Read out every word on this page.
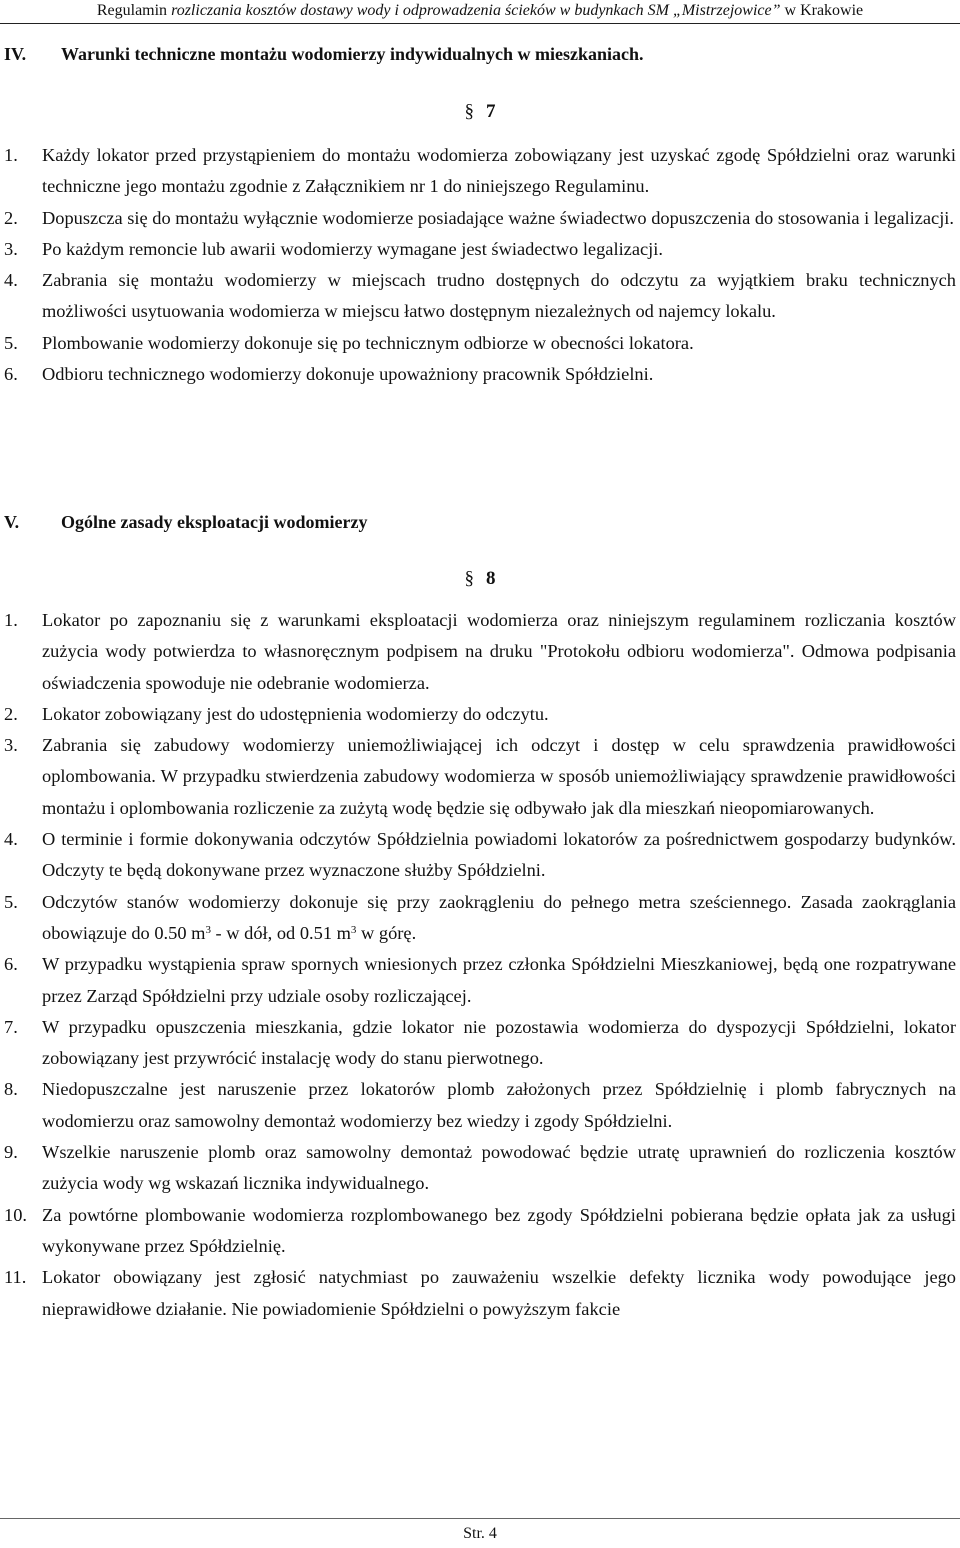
Regulamin rozliczania kosztów dostawy wody i odprowadzenia ścieków w budynkach SM „Mistrzejowice” w Krakowie
IV. Warunki techniczne montażu wodomierzy indywidualnych w mieszkaniach.
§ 7
1. Każdy lokator przed przystąpieniem do montażu wodomierza zobowiązany jest uzyskać zgodę Spółdzielni oraz warunki techniczne jego montażu zgodnie z Załącznikiem nr 1 do niniejszego Regulaminu.
2. Dopuszcza się do montażu wyłącznie wodomierze posiadające ważne świadectwo dopuszczenia do stosowania i legalizacji.
3. Po każdym remoncie lub awarii wodomierzy wymagane jest świadectwo legalizacji.
4. Zabrania się montażu wodomierzy w miejscach trudno dostępnych do odczytu za wyjątkiem braku technicznych możliwości usytuowania wodomierza w miejscu łatwo dostępnym niezależnych od najemcy lokalu.
5. Plombowanie wodomierzy dokonuje się po technicznym odbiorze w obecności lokatora.
6. Odbioru technicznego wodomierzy dokonuje upoważniony pracownik Spółdzielni.
V. Ogólne zasady eksploatacji wodomierzy
§ 8
1. Lokator po zapoznaniu się z warunkami eksploatacji wodomierza oraz niniejszym regulaminem rozliczania kosztów zużycia wody potwierdza to własnoręcznym podpisem na druku "Protokołu odbioru wodomierza". Odmowa podpisania oświadczenia spowoduje nie odebranie wodomierza.
2. Lokator zobowiązany jest do udostępnienia wodomierzy do odczytu.
3. Zabrania się zabudowy wodomierzy uniemożliwiającej ich odczyt i dostęp w celu sprawdzenia prawidłowości oplombowania. W przypadku stwierdzenia zabudowy wodomierza w sposób uniemożliwiający sprawdzenie prawidłowości montażu i oplombowania rozliczenie za zużytą wodę będzie się odbywało jak dla mieszkań nieopomiarowanych.
4. O terminie i formie dokonywania odczytów Spółdzielnia powiadomi lokatorów za pośrednictwem gospodarzy budynków. Odczyty te będą dokonywane przez wyznaczone służby Spółdzielni.
5. Odczytów stanów wodomierzy dokonuje się przy zaokrągleniu do pełnego metra sześciennego. Zasada zaokrąglania obowiązuje do 0.50 $m^3$ - w dół, od 0.51 $m^3$ w górę.
6. W przypadku wystąpienia spraw spornych wniesionych przez członka Spółdzielni Mieszkaniowej, będą one rozpatrywane przez Zarząd Spółdzielni przy udziale osoby rozliczającej.
7. W przypadku opuszczenia mieszkania, gdzie lokator nie pozostawia wodomierza do dyspozycji Spółdzielni, lokator zobowiązany jest przywrócić instalację wody do stanu pierwotnego.
8. Niedopuszczalne jest naruszenie przez lokatorów plomb założonych przez Spółdzielnię i plomb fabrycznych na wodomierzu oraz samowolny demontaż wodomierzy bez wiedzy i zgody Spółdzielni.
9. Wszelkie naruszenie plomb oraz samowolny demontaż powodować będzie utratę uprawnień do rozliczenia kosztów zużycia wody wg wskazań licznika indywidualnego.
10. Za powtórne plombowanie wodomierza rozplombowanego bez zgody Spółdzielni pobierana będzie opłata jak za usługi wykonywane przez Spółdzielnię.
11. Lokator obowiązany jest zgłosić natychmiast po zauważeniu wszelkie defekty licznika wody powodujące jego nieprawidłowe działanie. Nie powiadomienie Spółdzielni o powyższym fakcie
Str. 4
